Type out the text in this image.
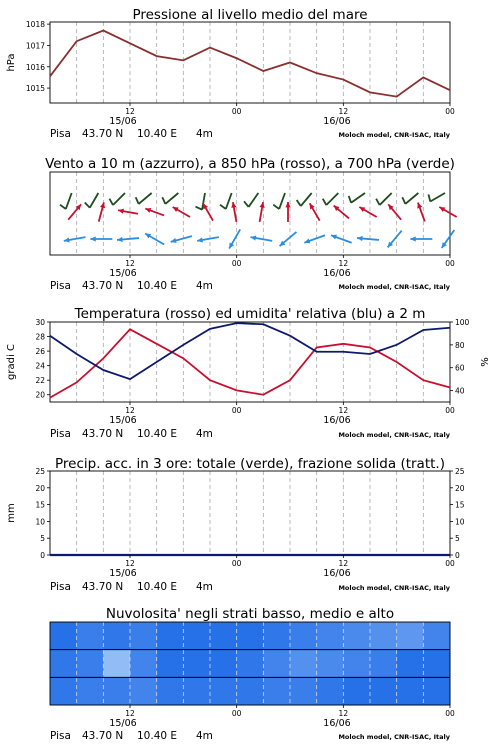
Pressione al livello medio del mare
1015
1016
1017
1018
hPa
12	00	12	00
15/06	16/06
Pisa 43.70 N 10.40 E 4m	Moloch model, CNR-ISAC, Italy
Vento a 10 m (azzurro), a 850 hPa (rosso), a 700 hPa (verde)
12	00	12	00
15/06	16/06
Pisa 43.70 N 10.40 E 4m	Moloch model, CNR-ISAC, Italy
Temperatura (rosso) ed umidita' relativa (blu) a 2 m
20
22
24
26
28
30
40
60
80
100
gradi C	%
12	00	12	00
15/06	16/06
Pisa 43.70 N 10.40 E 4m	Moloch model, CNR-ISAC, Italy
Precip. acc. in 3 ore: totale (verde), frazione solida (tratt.)
0	0
5	5
10	10
15	15
20	20
25	25
mm
12	00	12	00
15/06	16/06
Pisa 43.70 N 10.40 E 4m	Moloch model, CNR-ISAC, Italy
Nuvolosita' negli strati basso, medio e alto
12	00	12	00
15/06	16/06
Pisa 43.70 N 10.40 E 4m	Moloch model, CNR-ISAC, Italy
